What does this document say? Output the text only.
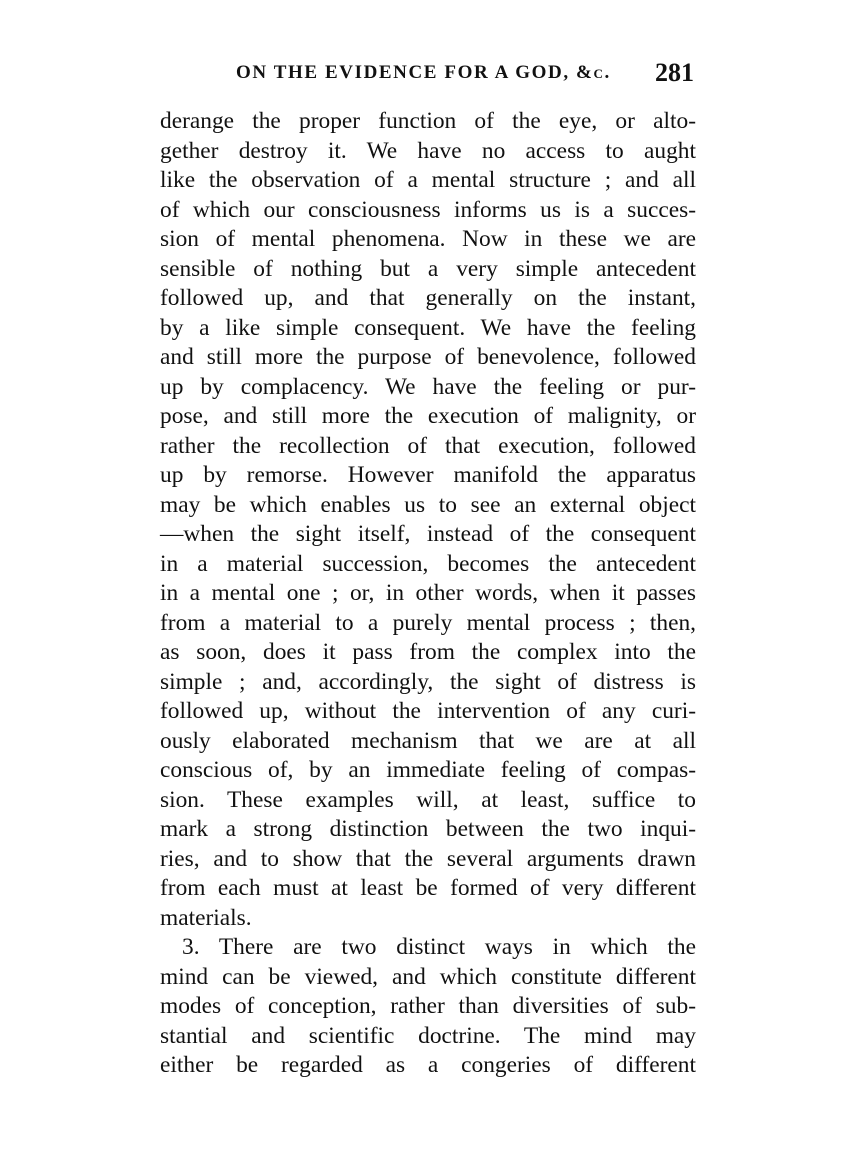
ON THE EVIDENCE FOR A GOD, &c. 281
derange the proper function of the eye, or alto-
gether destroy it. We have no access to aught
like the observation of a mental structure ; and all
of which our consciousness informs us is a succes-
sion of mental phenomena. Now in these we are
sensible of nothing but a very simple antecedent
followed up, and that generally on the instant,
by a like simple consequent. We have the feeling
and still more the purpose of benevolence, followed
up by complacency. We have the feeling or pur-
pose, and still more the execution of malignity, or
rather the recollection of that execution, followed
up by remorse. However manifold the apparatus
may be which enables us to see an external object
—when the sight itself, instead of the consequent
in a material succession, becomes the antecedent
in a mental one ; or, in other words, when it passes
from a material to a purely mental process ; then,
as soon, does it pass from the complex into the
simple ; and, accordingly, the sight of distress is
followed up, without the intervention of any curi-
ously elaborated mechanism that we are at all
conscious of, by an immediate feeling of compas-
sion. These examples will, at least, suffice to
mark a strong distinction between the two inqui-
ries, and to show that the several arguments drawn
from each must at least be formed of very different
materials.
3. There are two distinct ways in which the
mind can be viewed, and which constitute different
modes of conception, rather than diversities of sub-
stantial and scientific doctrine. The mind may
either be regarded as a congeries of different
